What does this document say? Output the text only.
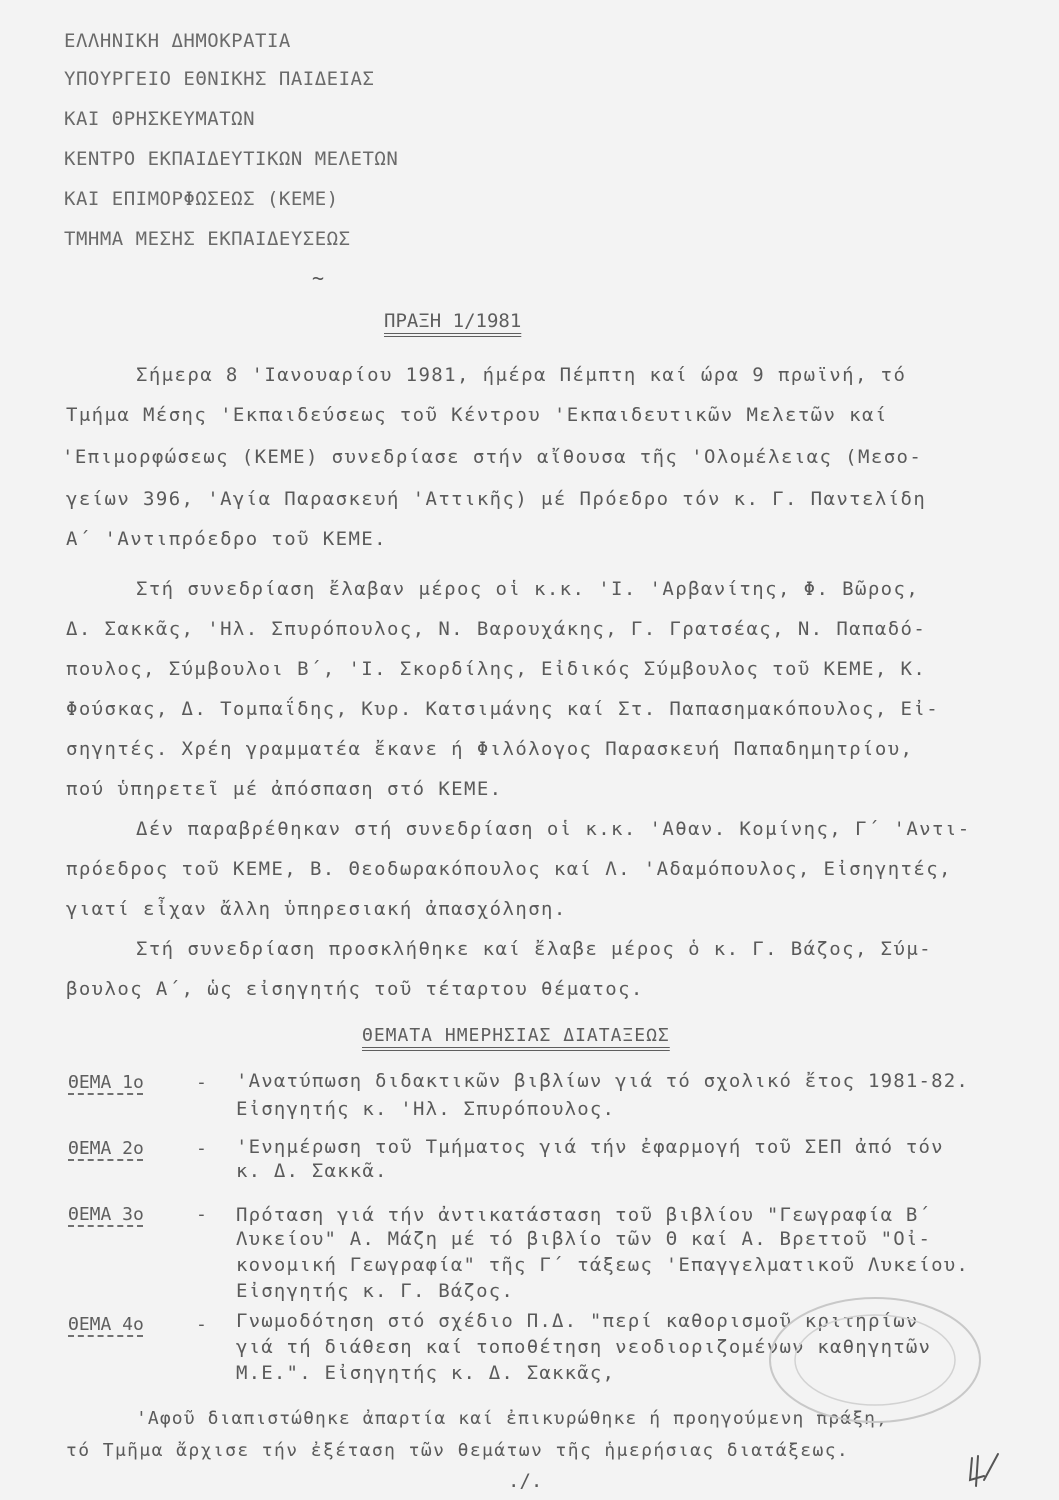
ΕΛΛΗΝΙΚΗ ΔΗΜΟΚΡΑΤΙΑ
ΥΠΟΥΡΓΕΙΟ ΕΘΝΙΚΗΣ ΠΑΙΔΕΙΑΣ
ΚΑΙ ΘΡΗΣΚΕΥΜΑΤΩΝ
ΚΕΝΤΡΟ ΕΚΠΑΙΔΕΥΤΙΚΩΝ ΜΕΛΕΤΩΝ
ΚΑΙ ΕΠΙΜΟΡΦΩΣΕΩΣ (ΚΕΜΕ)
ΤΜΗΜΑ ΜΕΣΗΣ ΕΚΠΑΙΔΕΥΣΕΩΣ
~
ΠΡΑΞΗ 1/1981
Σήμερα 8 'Ιανουαρίου 1981, ήμέρα Πέμπτη καί ώρα 9 πρωϊνή, τό
Τμήμα Μέσης 'Εκπαιδεύσεως τοῦ Κέντρου 'Εκπαιδευτικῶν Μελετῶν καί
'Επιμορφώσεως (ΚΕΜΕ) συνεδρίασε στήν αἴθουσα τῆς 'Ολομέλειας (Μεσο-
γείων 396, 'Αγία Παρασκευή 'Αττικῆς) μέ Πρόεδρο τόν κ. Γ. Παντελίδη
Α΄ 'Αντιπρόεδρο τοῦ ΚΕΜΕ.
Στή συνεδρίαση ἔλαβαν μέρος οἱ κ.κ. 'Ι. 'Αρβανίτης, Φ. Βῶρος,
Δ. Σακκᾶς, 'Ηλ. Σπυρόπουλος, Ν. Βαρουχάκης, Γ. Γρατσέας, Ν. Παπαδό-
πουλος, Σύμβουλοι Β΄, 'Ι. Σκορδίλης, Εἰδικός Σύμβουλος τοῦ ΚΕΜΕ, Κ.
Φούσκας, Δ. Τομπαΐδης, Κυρ. Κατσιμάνης καί Στ. Παπασημακόπουλος, Εἰ-
σηγητές. Χρέη γραμματέα ἔκανε ή Φιλόλογος Παρασκευή Παπαδημητρίου,
πού ὑπηρετεῖ μέ ἀπόσπαση στό ΚΕΜΕ.
Δέν παραβρέθηκαν στή συνεδρίαση οἱ κ.κ. 'Αθαν. Κομίνης, Γ΄ 'Αντι-
πρόεδρος τοῦ ΚΕΜΕ, Β. Θεοδωρακόπουλος καί Λ. 'Αδαμόπουλος, Εἰσηγητές,
γιατί εἶχαν ἄλλη ὑπηρεσιακή ἀπασχόληση.
Στή συνεδρίαση προσκλήθηκε καί ἔλαβε μέρος ὁ κ. Γ. Βάζος, Σύμ-
βουλος Α΄, ὡς εἰσηγητής τοῦ τέταρτου θέματος.
ΘΕΜΑΤΑ ΗΜΕΡΗΣΙΑΣ ΔΙΑΤΑΞΕΩΣ
ΘΕΜΑ 1ο	- 'Ανατύπωση διδακτικῶν βιβλίων γιά τό σχολικό ἔτος 1981-82.
Εἰσηγητής κ. 'Ηλ. Σπυρόπουλος.
ΘΕΜΑ 2ο	- 'Ενημέρωση τοῦ Τμήματος γιά τήν ἐφαρμογή τοῦ ΣΕΠ ἀπό τόν
κ. Δ. Σακκᾶ.
ΘΕΜΑ 3ο	- Πρόταση γιά τήν ἀντικατάσταση τοῦ βιβλίου "Γεωγραφία Β΄
Λυκείου" Α. Μάζη μέ τό βιβλίο τῶν Θ καί Α. Βρεττοῦ "Οἰ-
κονομική Γεωγραφία" τῆς Γ΄ τάξεως 'Επαγγελματικοῦ Λυκείου.
Εἰσηγητής κ. Γ. Βάζος.
ΘΕΜΑ 4ο	- Γνωμοδότηση στό σχέδιο Π.Δ. "περί καθορισμοῦ κριτηρίων
γιά τή διάθεση καί τοποθέτηση νεοδιοριζομένων καθηγητῶν
Μ.Ε.". Εἰσηγητής κ. Δ. Σακκᾶς,
'Αφοῦ διαπιστώθηκε ἀπαρτία καί ἐπικυρώθηκε ή προηγούμενη πράξη,
τό Τμῆμα ἄρχισε τήν ἐξέταση τῶν θεμάτων τῆς ἡμερήσιας διατάξεως.
./.
